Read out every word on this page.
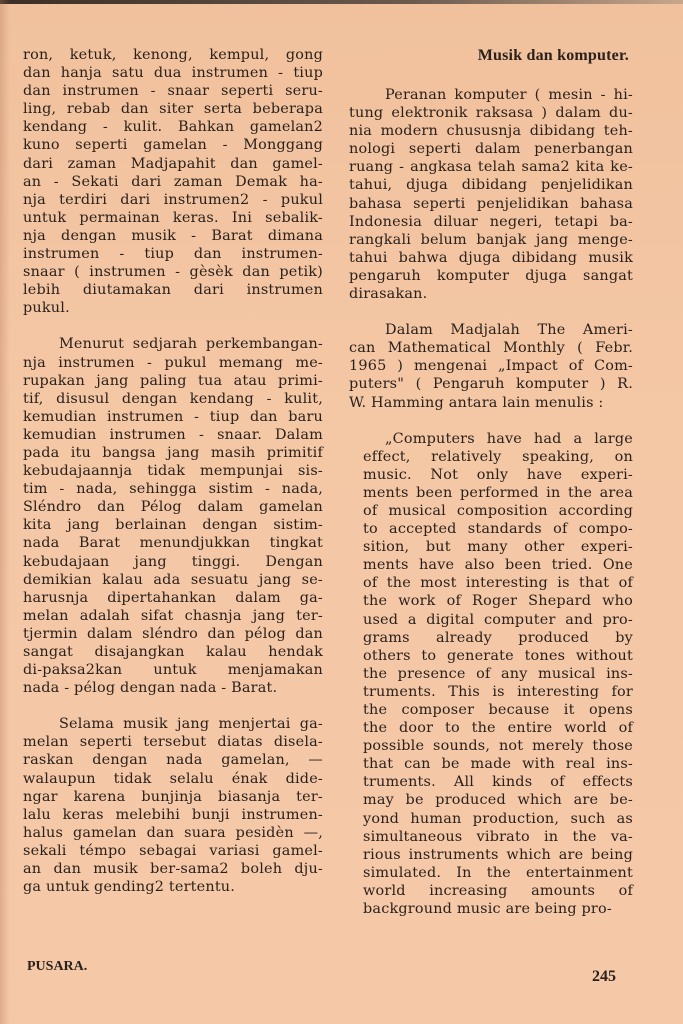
ron, ketuk, kenong, kempul, gong
dan hanja satu dua instrumen - tiup
dan instrumen - snaar seperti seru-
ling, rebab dan siter serta beberapa
kendang - kulit. Bahkan gamelan2
kuno seperti gamelan - Monggang
dari zaman Madjapahit dan gamel-
an - Sekati dari zaman Demak ha-
nja terdiri dari instrumen2 - pukul
untuk permainan keras. Ini sebalik-
nja dengan musik - Barat dimana
instrumen - tiup dan instrumen-
snaar ( instrumen - gèsèk dan petik)
lebih diutamakan dari instrumen
pukul.
Menurut sedjarah perkembangan-
nja instrumen - pukul memang me-
rupakan jang paling tua atau primi-
tif, disusul dengan kendang - kulit,
kemudian instrumen - tiup dan baru
kemudian instrumen - snaar. Dalam
pada itu bangsa jang masih primitif
kebudajaannja tidak mempunjai sis-
tim - nada, sehingga sistim - nada,
Sléndro dan Pélog dalam gamelan
kita jang berlainan dengan sistim-
nada Barat menundjukkan tingkat
kebudajaan jang tinggi. Dengan
demikian kalau ada sesuatu jang se-
harusnja dipertahankan dalam ga-
melan adalah sifat chasnja jang ter-
tjermin dalam sléndro dan pélog dan
sangat disajangkan kalau hendak
di-paksa2kan untuk menjamakan
nada - pélog dengan nada - Barat.
Selama musik jang menjertai ga-
melan seperti tersebut diatas disela-
raskan dengan nada gamelan, —
walaupun tidak selalu énak dide-
ngar karena bunjinja biasanja ter-
lalu keras melebihi bunji instrumen-
halus gamelan dan suara pesidèn —,
sekali témpo sebagai variasi gamel-
an dan musik ber-sama2 boleh dju-
ga untuk gending2 tertentu.
Musik dan komputer.
Peranan komputer ( mesin - hi-
tung elektronik raksasa ) dalam du-
nia modern chususnja dibidang teh-
nologi seperti dalam penerbangan
ruang - angkasa telah sama2 kita ke-
tahui, djuga dibidang penjelidikan
bahasa seperti penjelidikan bahasa
Indonesia diluar negeri, tetapi ba-
rangkali belum banjak jang menge-
tahui bahwa djuga dibidang musik
pengaruh komputer djuga sangat
dirasakan.
Dalam Madjalah The Ameri-
can Mathematical Monthly ( Febr.
1965 ) mengenai „Impact of Com-
puters" ( Pengaruh komputer ) R.
W. Hamming antara lain menulis :
„Computers have had a large
effect, relatively speaking, on
music. Not only have experi-
ments been performed in the area
of musical composition according
to accepted standards of compo-
sition, but many other experi-
ments have also been tried. One
of the most interesting is that of
the work of Roger Shepard who
used a digital computer and pro-
grams already produced by
others to generate tones without
the presence of any musical ins-
truments. This is interesting for
the composer because it opens
the door to the entire world of
possible sounds, not merely those
that can be made with real ins-
truments. All kinds of effects
may be produced which are be-
yond human production, such as
simultaneous vibrato in the va-
rious instruments which are being
simulated. In the entertainment
world increasing amounts of
background music are being pro-
PUSARA.
245
